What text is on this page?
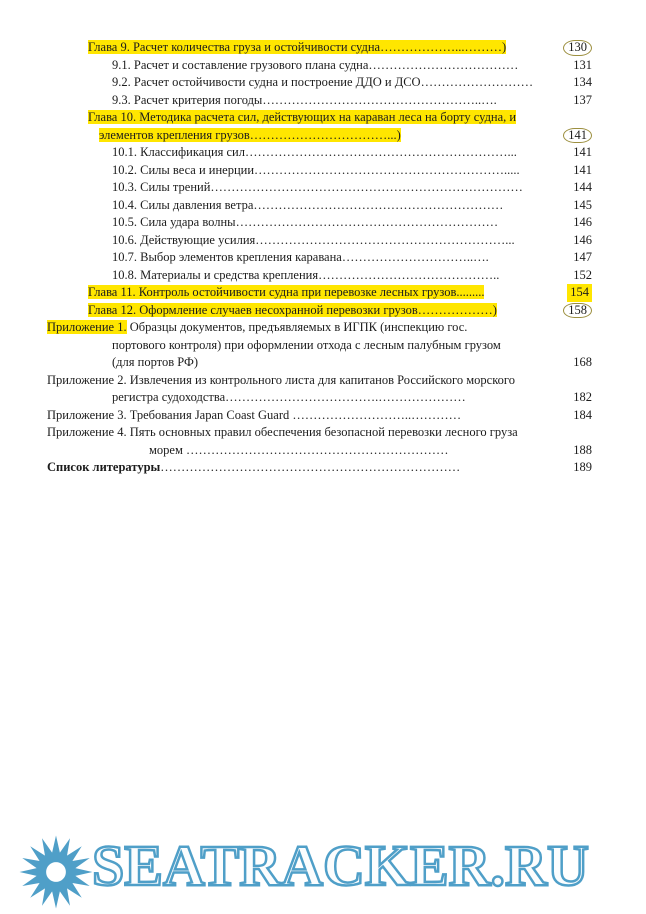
Глава 9. Расчет количества груза и остойчивости судна………………...………)	130
9.1. Расчет и составление грузового плана судна………………………………	131
9.2. Расчет остойчивости судна и построение ДДО и ДСО………………………	134
9.3. Расчет критерия погоды……………………………………………..….	137
Глава 10. Методика расчета сил, действующих на караван леса на борту судна, и
элементов крепления грузов……………………………...)	141
10.1. Классификация сил………………………………………………………...	141
10.2. Силы веса и инерции…………………………………………………….....	141
10.3. Силы трений…………………………………………………………………	144
10.4. Силы давления ветра……………………………………………………	145
10.5. Сила удара волны………………………………………………………	146
10.6. Действующие усилия……………………………………………………...	146
10.7. Выбор элементов крепления каравана…………………………..….	147
10.8. Материалы и средства крепления……………………………………..	152
Глава 11. Контроль остойчивости судна при перевозке лесных грузов.........	154
Глава 12. Оформление случаев несохранной перевозки грузов………………)	158
Приложение 1. Образцы документов, предъявляемых в ИГПК (инспекцию гос.
портового контроля) при оформлении отхода с лесным палубным грузом
(для портов РФ)	168
Приложение 2. Извлечения из контрольного листа для капитанов Российского морского
регистра судоходства……………………………….…………………	182
Приложение 3. Требования Japan Coast Guard ………………………..…………	184
Приложение 4. Пять основных правил обеспечения безопасной перевозки лесного груза
морем ………………………………………………………	188
Список литературы………………………………………………………………	189
SEATRACKER.RU
